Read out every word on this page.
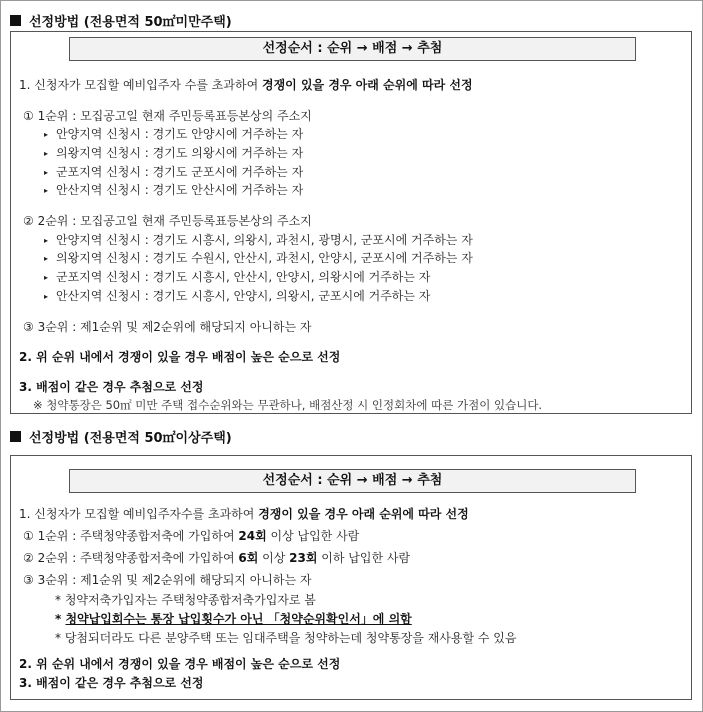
선정방법 (전용면적 50㎡미만주택)
선정순서 : 순위 → 배점 → 추첨
1. 신청자가 모집할 예비입주자 수를 초과하여 경쟁이 있을 경우 아래 순위에 따라 선정
① 1순위 : 모집공고일 현재 주민등록표등본상의 주소지
▸ 안양지역 신청시 : 경기도 안양시에 거주하는 자
▸ 의왕지역 신청시 : 경기도 의왕시에 거주하는 자
▸ 군포지역 신청시 : 경기도 군포시에 거주하는 자
▸ 안산지역 신청시 : 경기도 안산시에 거주하는 자
② 2순위 : 모집공고일 현재 주민등록표등본상의 주소지
▸ 안양지역 신청시 : 경기도 시흥시, 의왕시, 과천시, 광명시, 군포시에 거주하는 자
▸ 의왕지역 신청시 : 경기도 수원시, 안산시, 과천시, 안양시, 군포시에 거주하는 자
▸ 군포지역 신청시 : 경기도 시흥시, 안산시, 안양시, 의왕시에 거주하는 자
▸ 안산지역 신청시 : 경기도 시흥시, 안양시, 의왕시, 군포시에 거주하는 자
③ 3순위 : 제1순위 및 제2순위에 해당되지 아니하는 자
2. 위 순위 내에서 경쟁이 있을 경우 배점이 높은 순으로 선정
3. 배점이 같은 경우 추첨으로 선정
※ 청약통장은 50㎡ 미만 주택 접수순위와는 무관하나, 배점산정 시 인정회차에 따른 가점이 있습니다.
선정방법 (전용면적 50㎡이상주택)
선정순서 : 순위 → 배점 → 추첨
1. 신청자가 모집할 예비입주자수를 초과하여 경쟁이 있을 경우 아래 순위에 따라 선정
① 1순위 : 주택청약종합저축에 가입하여 24회 이상 납입한 사람
② 2순위 : 주택청약종합저축에 가입하여 6회 이상 23회 이하 납입한 사람
③ 3순위 : 제1순위 및 제2순위에 해당되지 아니하는 자
* 청약저축가입자는 주택청약종합저축가입자로 봄
* 청약납입회수는 통장 납입횟수가 아닌 「청약순위확인서」에 의함
* 당첨되더라도 다른 분양주택 또는 임대주택을 청약하는데 청약통장을 재사용할 수 있음
2. 위 순위 내에서 경쟁이 있을 경우 배점이 높은 순으로 선정
3. 배점이 같은 경우 추첨으로 선정
